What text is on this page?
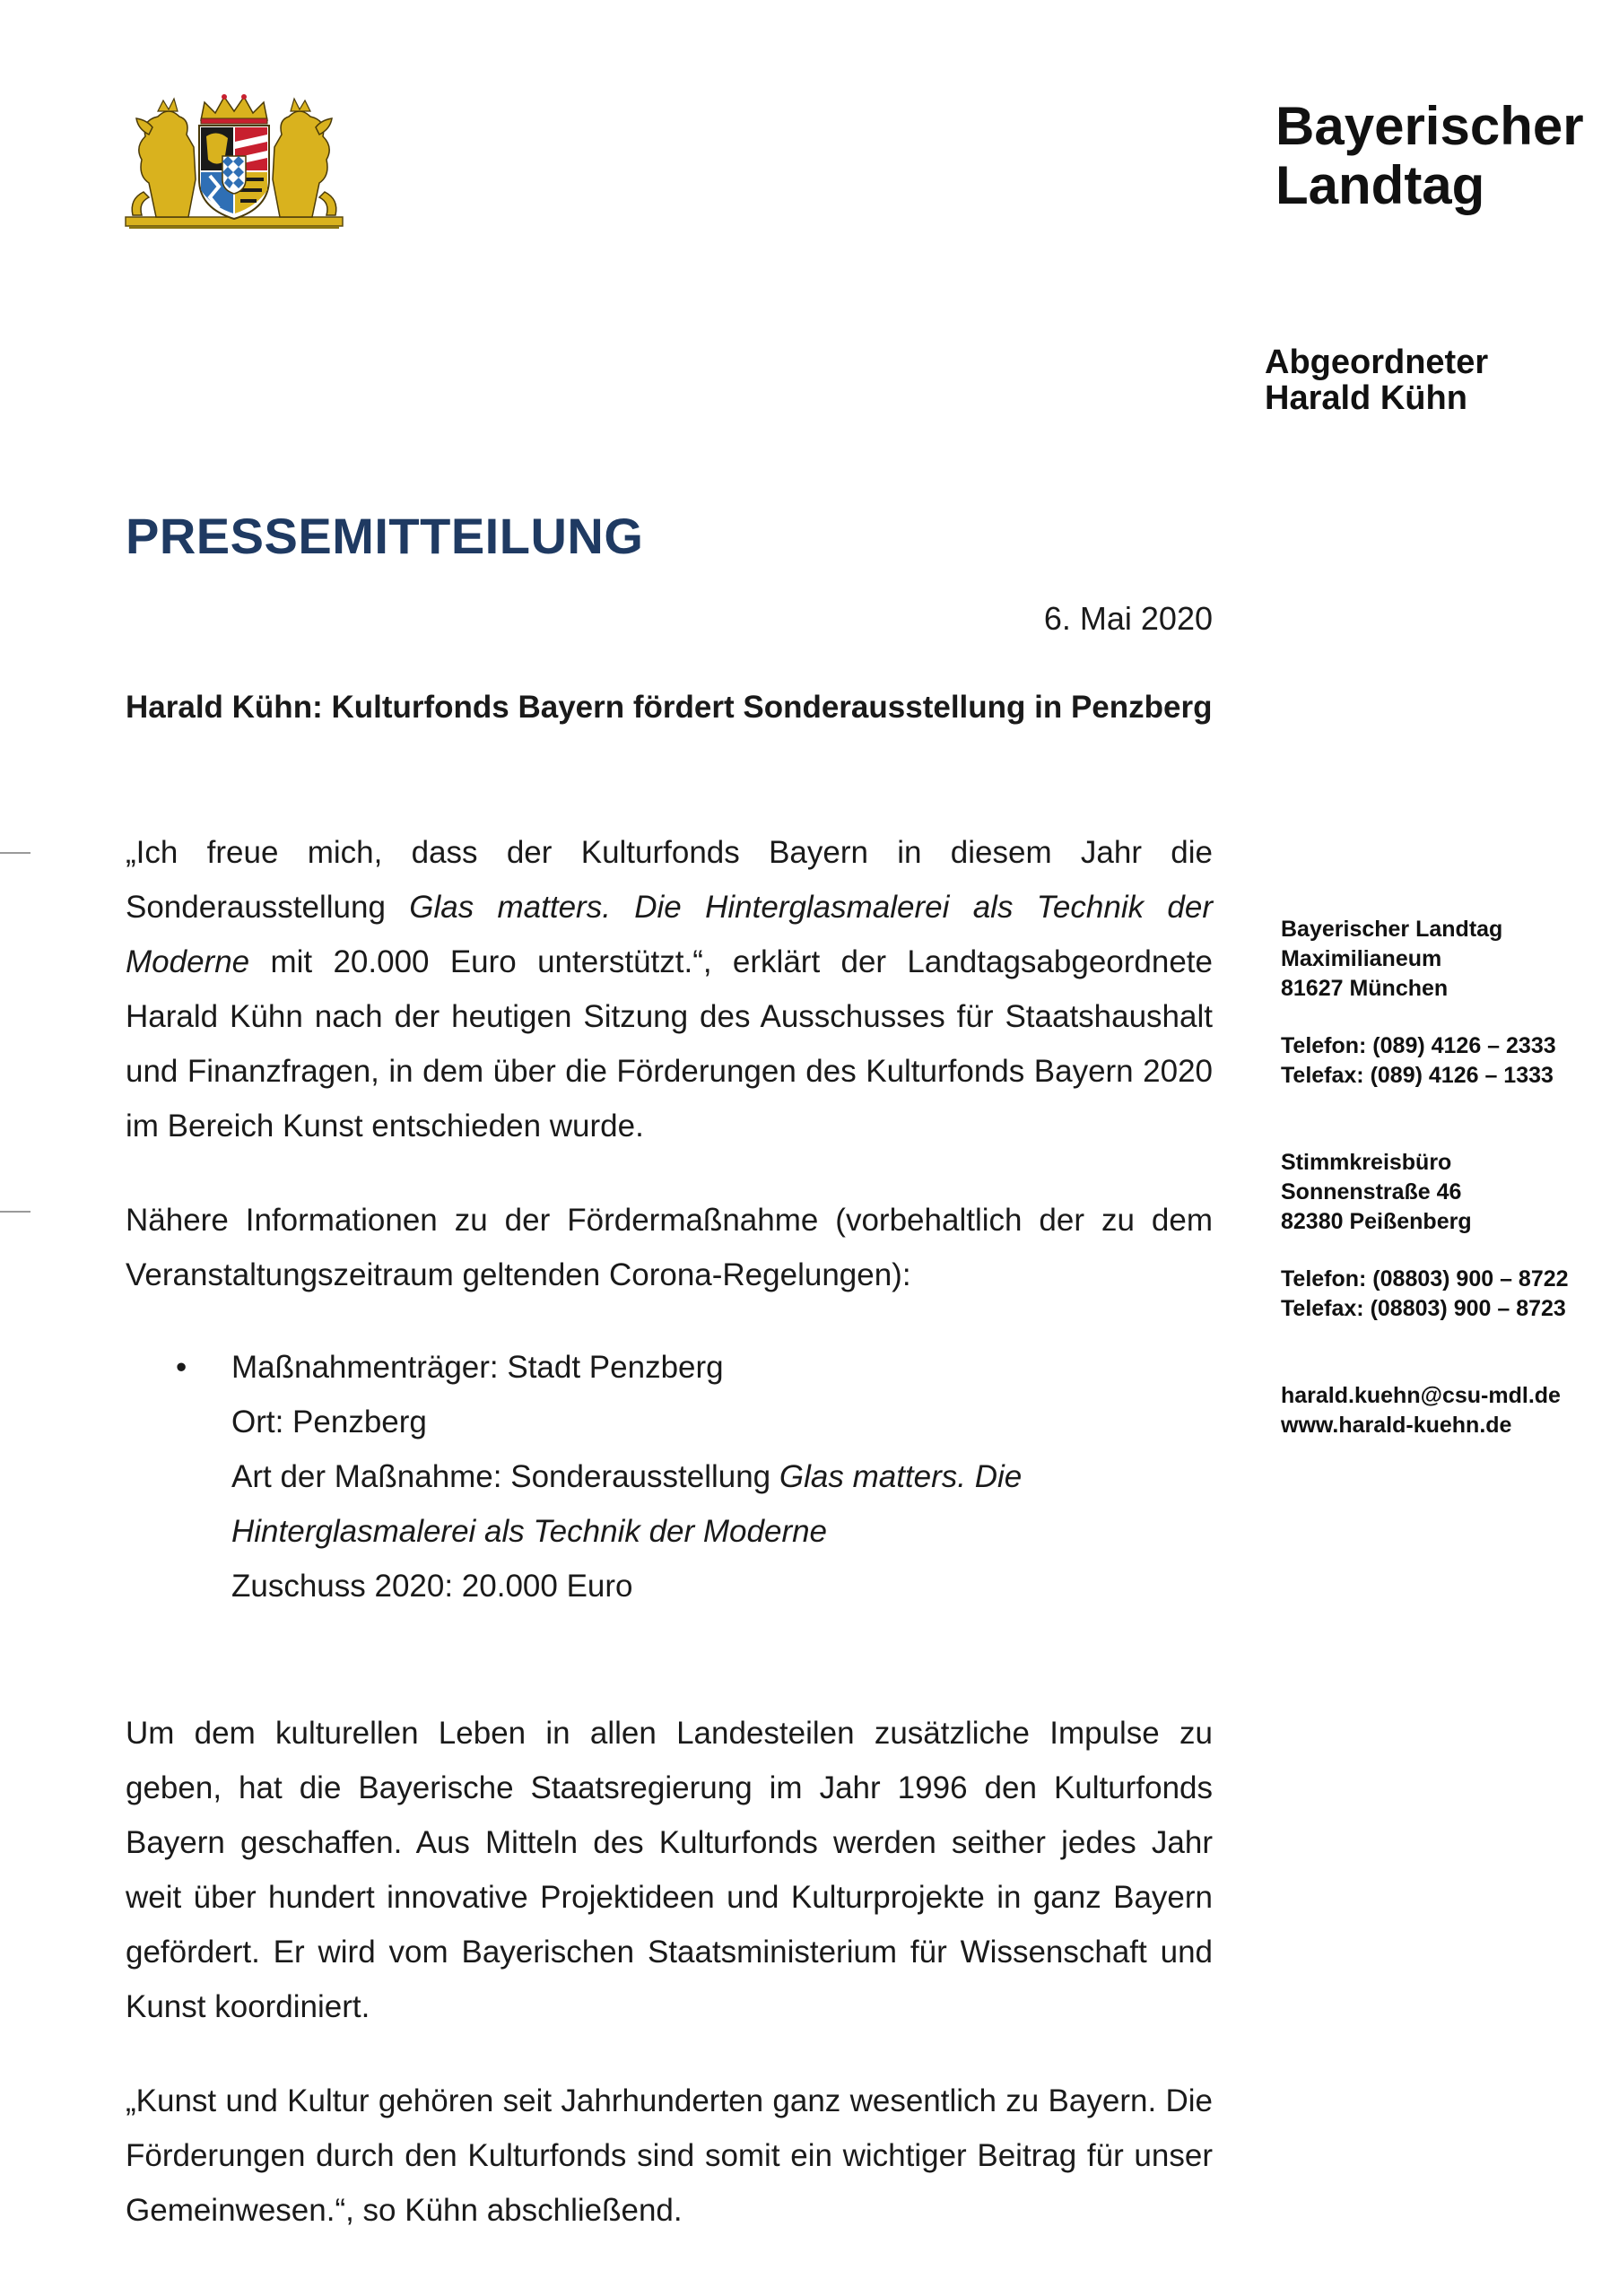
Bayerischer
Landtag
Abgeordneter
Harald Kühn
PRESSEMITTEILUNG
6. Mai 2020
Harald Kühn: Kulturfonds Bayern fördert Sonderausstellung in Penzberg

„Ich freue mich, dass der Kulturfonds Bayern in diesem Jahr die Sonderausstellung Glas matters. Die Hinterglasmalerei als Technik der Moderne mit 20.000 Euro unterstützt.“, erklärt der Landtagsabgeordnete Harald Kühn nach der heutigen Sitzung des Ausschusses für Staatshaushalt und Finanzfragen, in dem über die Förderungen des Kulturfonds Bayern 2020 im Bereich Kunst entschieden wurde.

Nähere Informationen zu der Fördermaßnahme (vorbehaltlich der zu dem Veranstaltungszeitraum geltenden Corona-Regelungen):
• Maßnahmenträger: Stadt Penzberg
Ort: Penzberg
Art der Maßnahme: Sonderausstellung Glas matters. Die
Hinterglasmalerei als Technik der Moderne
Zuschuss 2020: 20.000 Euro
Um dem kulturellen Leben in allen Landesteilen zusätzliche Impulse zu geben, hat die Bayerische Staatsregierung im Jahr 1996 den Kulturfonds Bayern geschaffen. Aus Mitteln des Kulturfonds werden seither jedes Jahr weit über hundert innovative Projektideen und Kulturprojekte in ganz Bayern gefördert. Er wird vom Bayerischen Staatsministerium für Wissenschaft und Kunst koordiniert.
„Kunst und Kultur gehören seit Jahrhunderten ganz wesentlich zu Bayern. Die Förderungen durch den Kulturfonds sind somit ein wichtiger Beitrag für unser Gemeinwesen.“, so Kühn abschließend.
Bayerischer Landtag
Maximilianeum
81627 München
Telefon: (089) 4126 – 2333
Telefax: (089) 4126 – 1333
Stimmkreisbüro
Sonnenstraße 46
82380 Peißenberg
Telefon: (08803) 900 – 8722
Telefax: (08803) 900 – 8723
harald.kuehn@csu-mdl.de
www.harald-kuehn.de
